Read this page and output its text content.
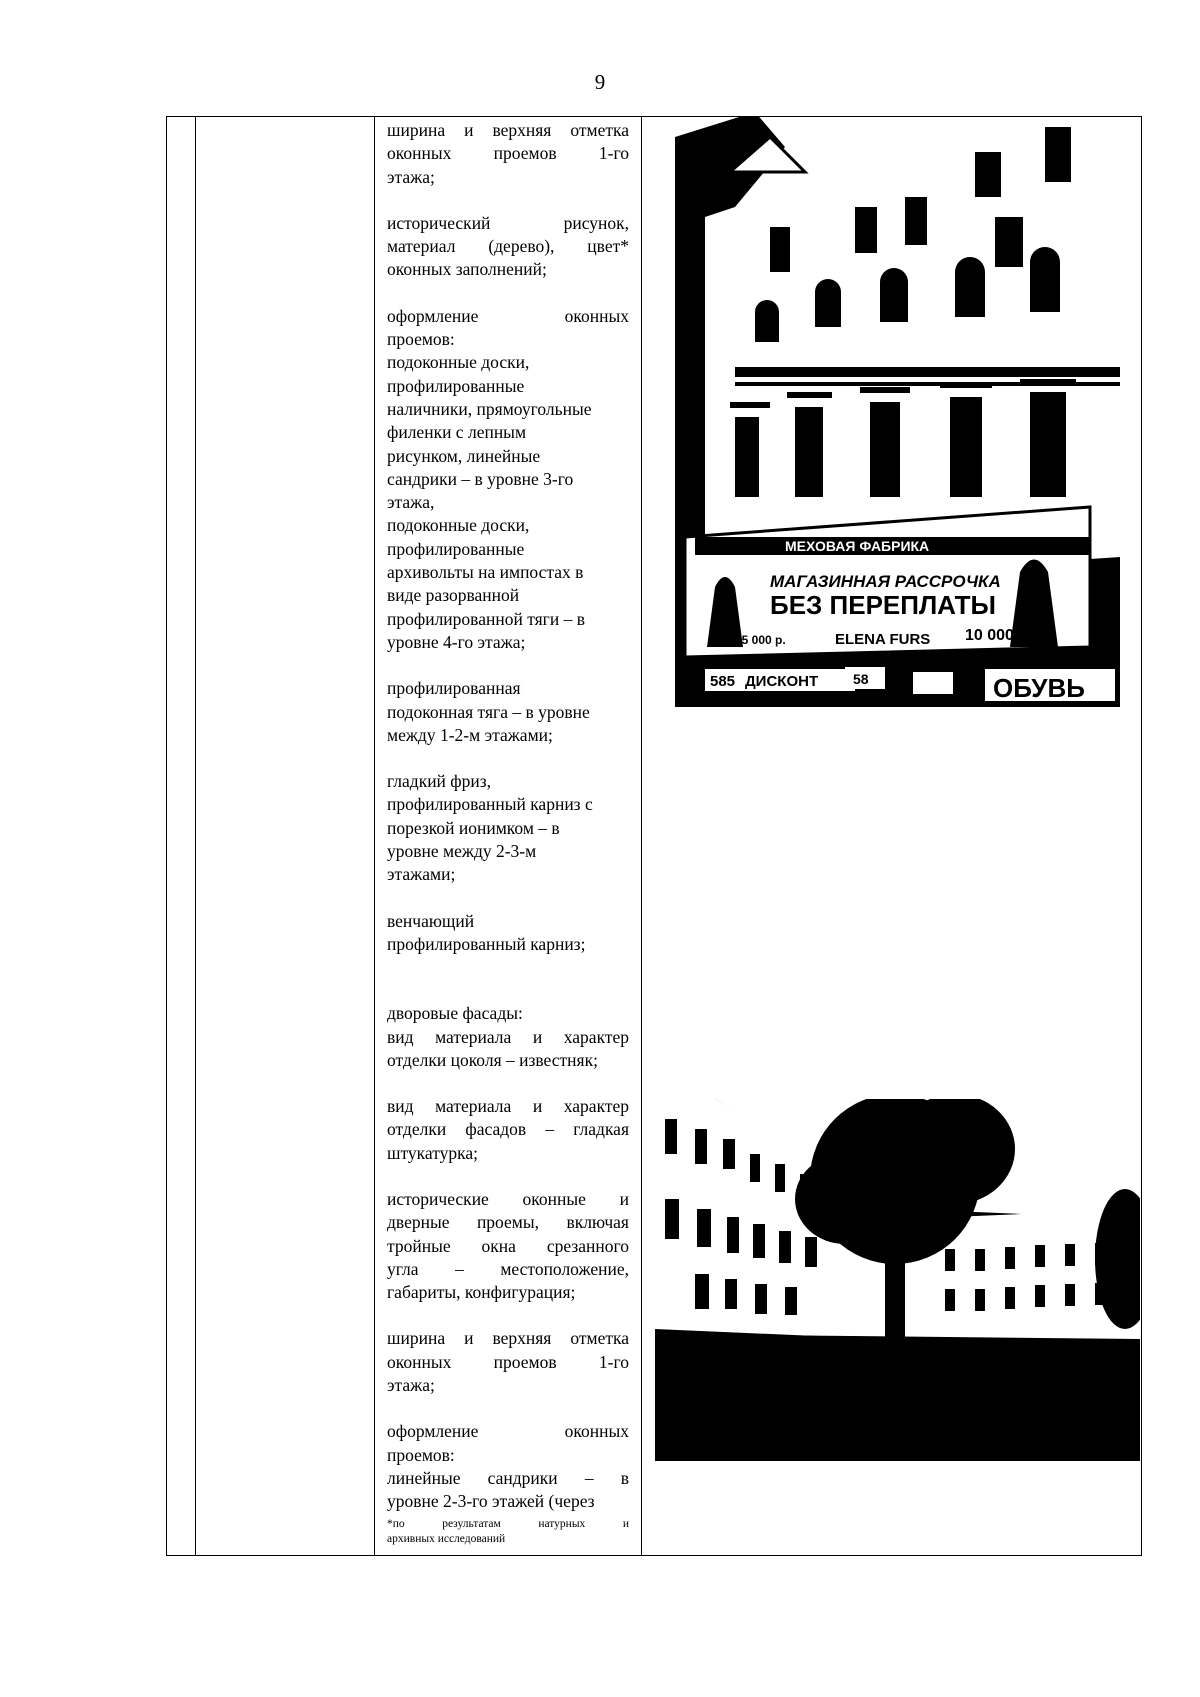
9
ширина и верхняя отметка
оконных проемов 1-го
этажа;
исторический рисунок,
материал (дерево), цвет*
оконных заполнений;
оформление оконных
проемов:
подоконные доски,
профилированные
наличники, прямоугольные
филенки с лепным
рисунком, линейные
сандрики – в уровне 3-го
этажа,
подоконные доски,
профилированные
архивольты на импостах в
виде разорванной
профилированной тяги – в
уровне 4-го этажа;
профилированная
подоконная тяга – в уровне
между 1-2-м этажами;
гладкий фриз,
профилированный карниз с
порезкой ионимком – в
уровне между 2-3-м
этажами;
венчающий
профилированный карниз;
дворовые фасады:
вид материала и характер
отделки цоколя – известняк;
вид материала и характер
отделки фасадов – гладкая
штукатурка;
исторические оконные и
дверные проемы, включая
тройные окна срезанного
угла – местоположение,
габариты, конфигурация;
ширина и верхняя отметка
оконных проемов 1-го
этажа;
оформление оконных
проемов:
линейные сандрики – в
уровне 2-3-го этажей (через
*по результатам натурных и
архивных исследований
МЕХОВАЯ ФАБРИКА
МАГАЗИННАЯ РАССРОЧКА
БЕЗ ПЕРЕПЛАТЫ
25 000 р.	ELENA FURS 10 000 р.
585 ДИСКОНТ 58	ОБУВЬ
